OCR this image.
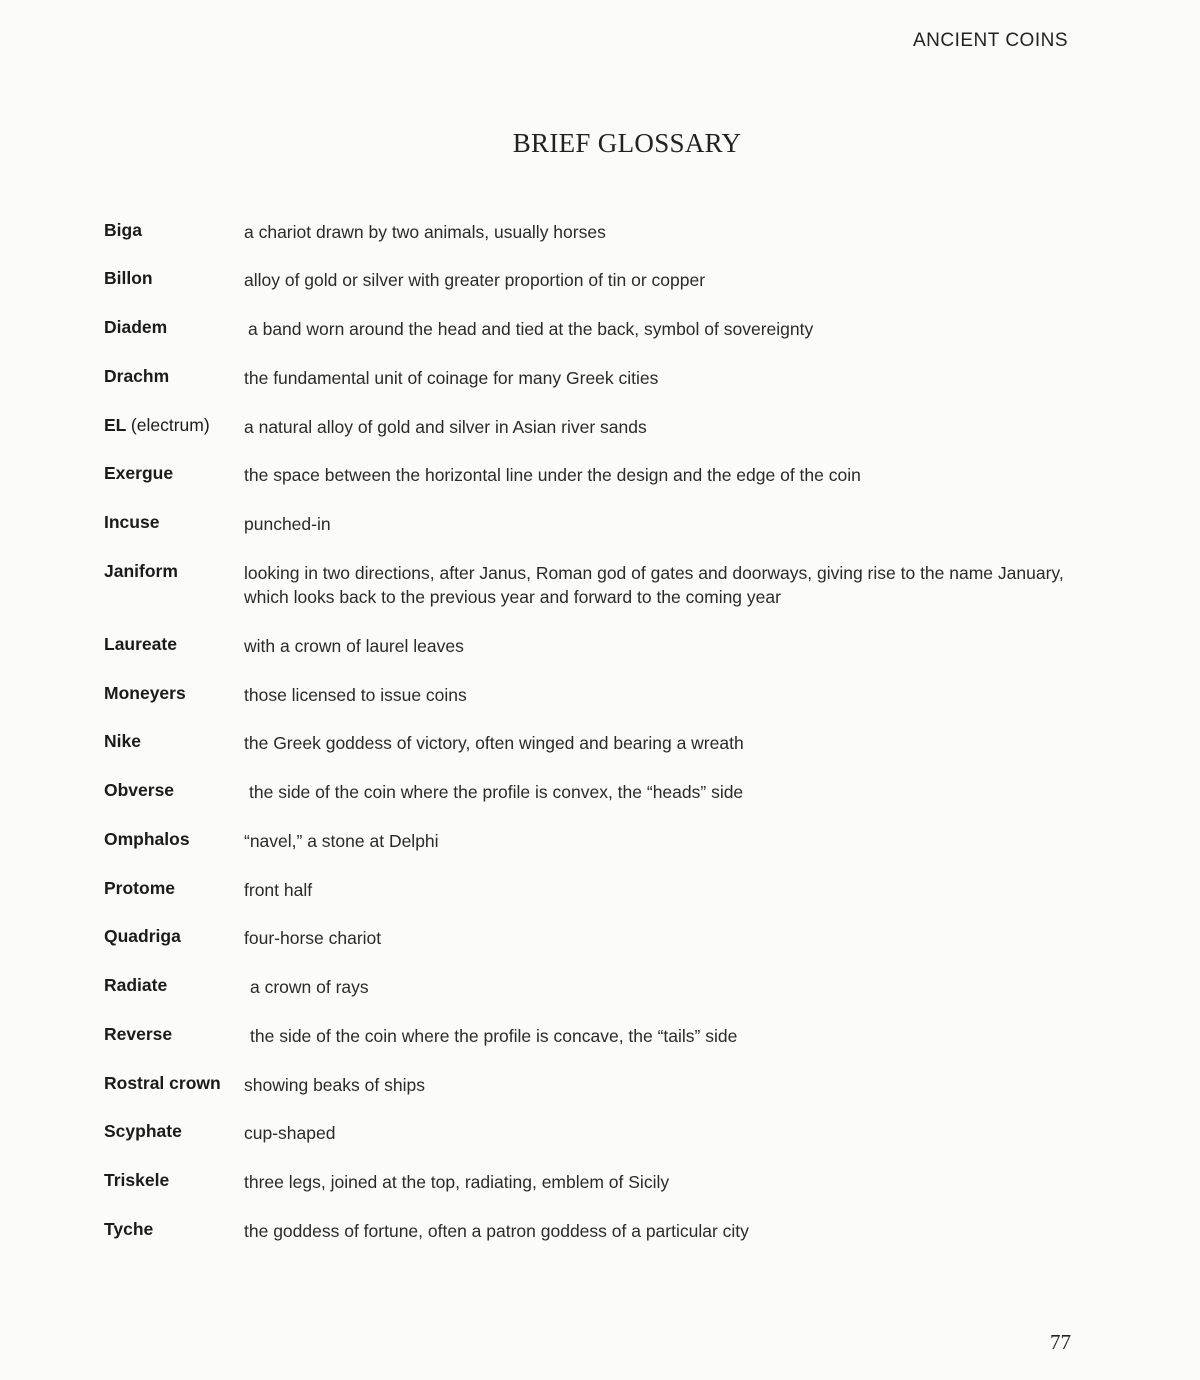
ANCIENT COINS
BRIEF GLOSSARY
Biga	a chariot drawn by two animals, usually horses
Billon	alloy of gold or silver with greater proportion of tin or copper
Diadem	a band worn around the head and tied at the back, symbol of sovereignty
Drachm	the fundamental unit of coinage for many Greek cities
EL (electrum)	a natural alloy of gold and silver in Asian river sands
Exergue	the space between the horizontal line under the design and the edge of the coin
Incuse	punched-in
Janiform	looking in two directions, after Janus, Roman god of gates and doorways, giving rise to the name January, which looks back to the previous year and forward to the coming year
Laureate	with a crown of laurel leaves
Moneyers	those licensed to issue coins
Nike	the Greek goddess of victory, often winged and bearing a wreath
Obverse	the side of the coin where the profile is convex, the “heads” side
Omphalos	“navel,” a stone at Delphi
Protome	front half
Quadriga	four-horse chariot
Radiate	a crown of rays
Reverse	the side of the coin where the profile is concave, the “tails” side
Rostral crown	showing beaks of ships
Scyphate	cup-shaped
Triskele	three legs, joined at the top, radiating, emblem of Sicily
Tyche	the goddess of fortune, often a patron goddess of a particular city
77
